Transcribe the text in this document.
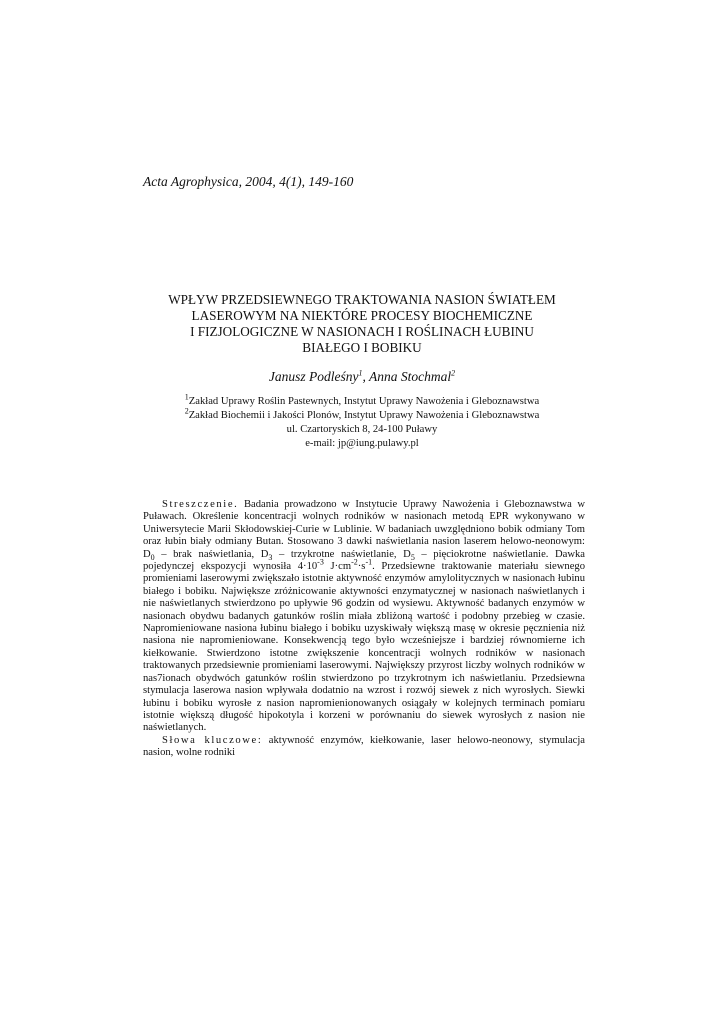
Acta Agrophysica, 2004, 4(1), 149-160
WPŁYW PRZEDSIEWNEGO TRAKTOWANIA NASION ŚWIATŁEM
LASEROWYM NA NIEKTÓRE PROCESY BIOCHEMICZNE
I FIZJOLOGICZNE W NASIONACH I ROŚLINACH ŁUBINU
BIAŁEGO I BOBIKU
Janusz Podleśny$^1$, Anna Stochmal$^2$
$^1$Zakład Uprawy Roślin Pastewnych, Instytut Uprawy Nawożenia i Gleboznawstwa
$^2$Zakład Biochemii i Jakości Plonów, Instytut Uprawy Nawożenia i Gleboznawstwa
ul. Czartoryskich 8, 24-100 Puławy
e-mail: jp@iung.pulawy.pl

Streszczenie. Badania prowadzono w Instytucie Uprawy Nawożenia i Gleboznawstwa w Puławach. Określenie koncentracji wolnych rodników w nasionach metodą EPR wykonywano w Uniwersytecie Marii Skłodowskiej-Curie w Lublinie. W badaniach uwzględniono bobik odmiany Tom oraz łubin biały odmiany Butan. Stosowano 3 dawki naświetlania nasion laserem helowo-neonowym: $D_0$ – brak naświetlania, $D_3$ – trzykrotne naświetlanie, $D_5$ – pięciokrotne naświetlanie. Dawka pojedynczej ekspozycji wynosiła $4\cdot 10^{-3}$ $J\cdot cm^{-2}\cdot s^{-1}$. Przedsiewne traktowanie materiału siewnego promieniami laserowymi zwiększało istotnie aktywność enzymów amylolitycznych w nasionach łubinu białego i bobiku. Największe zróżnicowanie aktywności enzymatycznej w nasionach naświetlanych i nie naświetlanych stwierdzono po upływie 96 godzin od wysiewu. Aktywność badanych enzymów w nasionach obydwu badanych gatunków roślin miała zbliżoną wartość i podobny przebieg w czasie. Napromieniowane nasiona łubinu białego i bobiku uzyskiwały większą masę w okresie pęcznienia niż nasiona nie napromieniowane. Konsekwencją tego było wcześniejsze i bardziej równomierne ich kiełkowanie. Stwierdzono istotne zwiększenie koncentracji wolnych rodników w nasionach traktowanych przedsiewnie promieniami laserowymi. Największy przyrost liczby wolnych rodników w nas7ionach obydwóch gatunków roślin stwierdzono po trzykrotnym ich naświetlaniu. Przedsiewna stymulacja laserowa nasion wpływała dodatnio na wzrost i rozwój siewek z nich wyrosłych. Siewki łubinu i bobiku wyrosłe z nasion napromienionowanych osiągały w kolejnych terminach pomiaru istotnie większą długość hipokotyla i korzeni w porównaniu do siewek wyrosłych z nasion nie naświetlanych.

Słowa kluczowe: aktywność enzymów, kiełkowanie, laser helowo-neonowy, stymulacja nasion, wolne rodniki
